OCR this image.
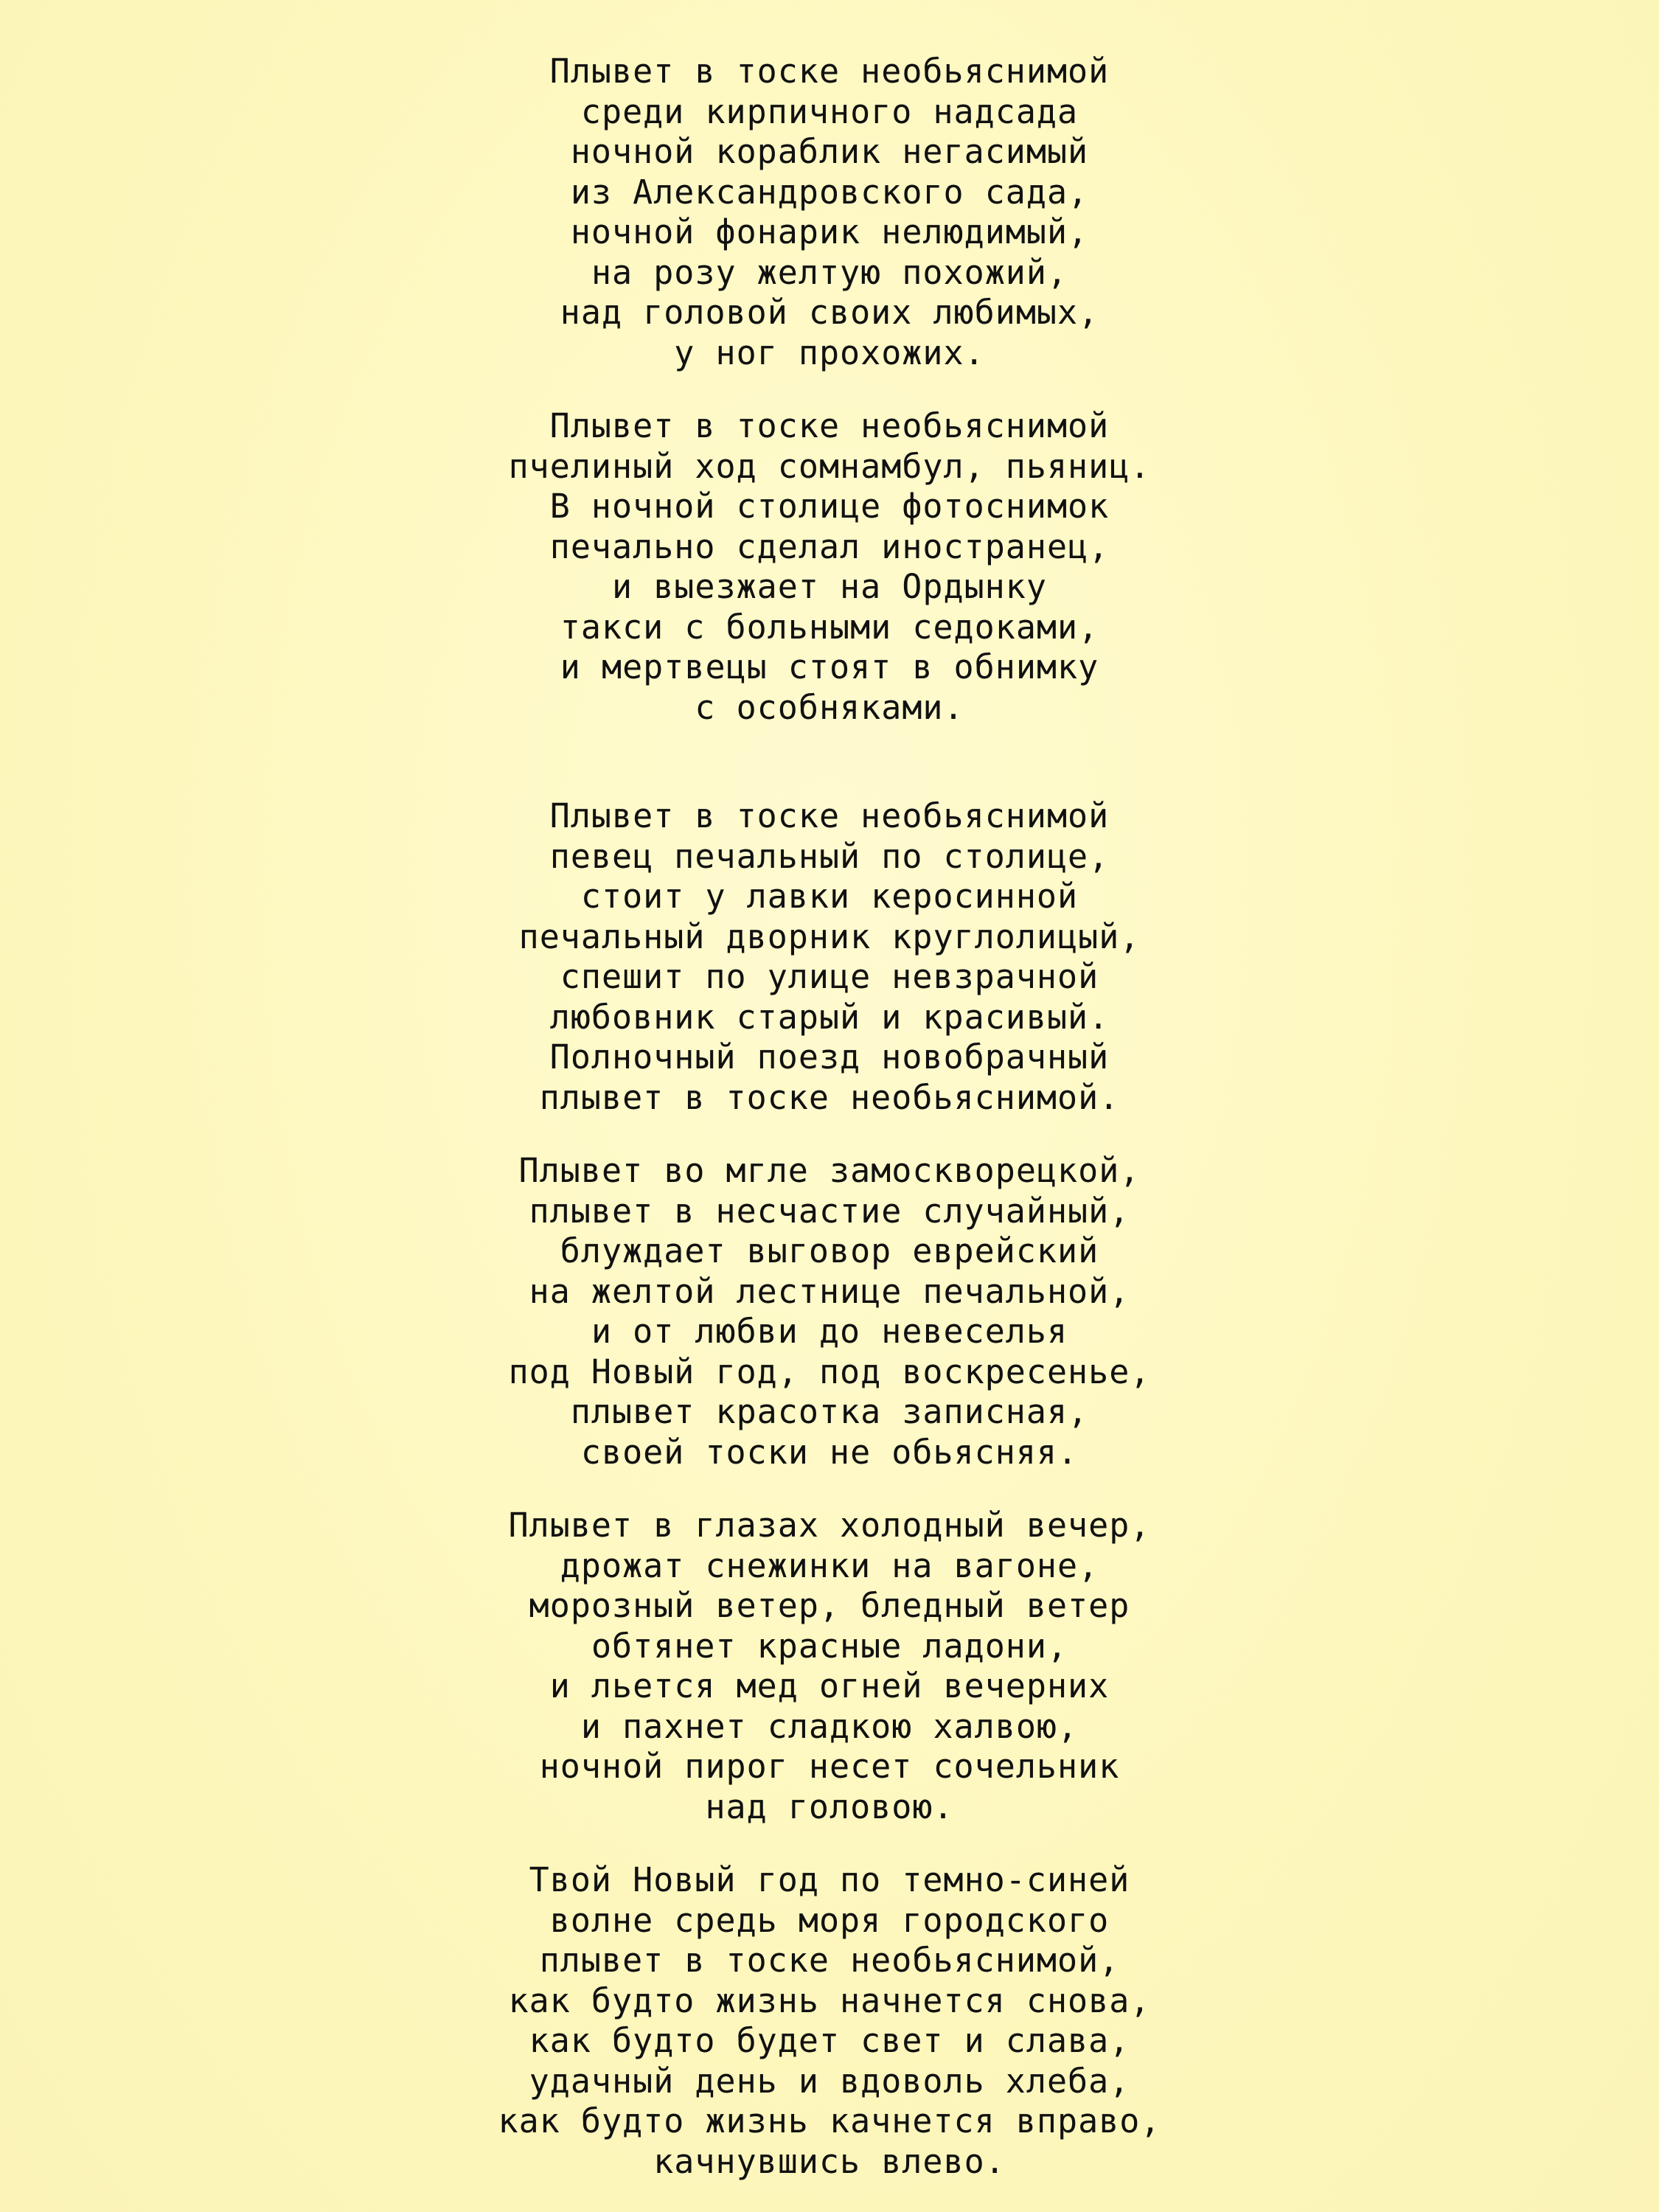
Плывет в тоске необьяснимой
среди кирпичного надсада
ночной кораблик негасимый
из Александровского сада,
ночной фонарик нелюдимый,
на розу желтую похожий,
над головой своих любимых,
у ног прохожих.
Плывет в тоске необьяснимой
пчелиный ход сомнамбул, пьяниц.
В ночной столице фотоснимок
печально сделал иностранец,
и выезжает на Ордынку
такси с больными седоками,
и мертвецы стоят в обнимку
с особняками.
Плывет в тоске необьяснимой
певец печальный по столице,
стоит у лавки керосинной
печальный дворник круглолицый,
спешит по улице невзрачной
любовник старый и красивый.
Полночный поезд новобрачный
плывет в тоске необьяснимой.
Плывет во мгле замоскворецкой,
плывет в несчастие случайный,
блуждает выговор еврейский
на желтой лестнице печальной,
и от любви до невеселья
под Новый год, под воскресенье,
плывет красотка записная,
своей тоски не обьясняя.
Плывет в глазах холодный вечер,
дрожат снежинки на вагоне,
морозный ветер, бледный ветер
обтянет красные ладони,
и льется мед огней вечерних
и пахнет сладкою халвою,
ночной пирог несет сочельник
над головою.
Твой Новый год по темно-синей
волне средь моря городского
плывет в тоске необьяснимой,
как будто жизнь начнется снова,
как будто будет свет и слава,
удачный день и вдоволь хлеба,
как будто жизнь качнется вправо,
качнувшись влево.
